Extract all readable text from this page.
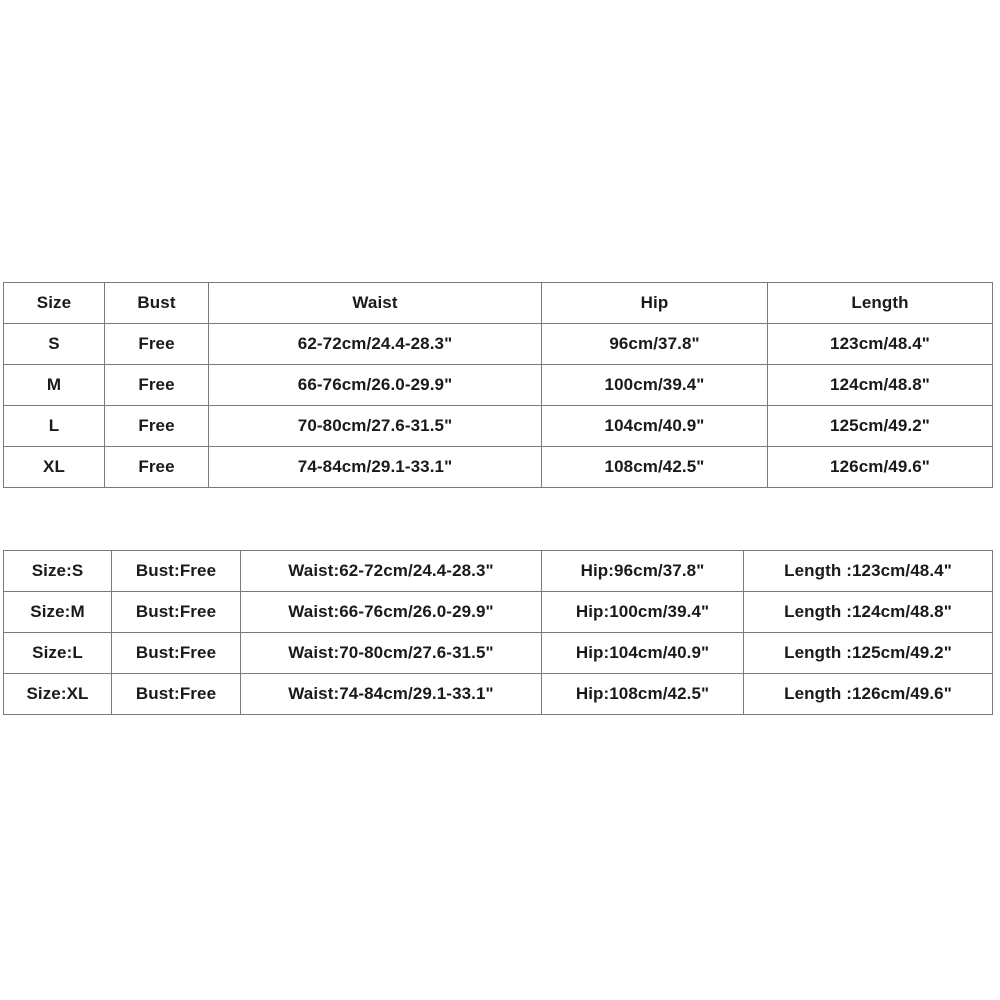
Size	Bust	Waist	Hip	Length
S	Free	62-72cm/24.4-28.3"	96cm/37.8"	123cm/48.4"
M	Free	66-76cm/26.0-29.9"	100cm/39.4"	124cm/48.8"
L	Free	70-80cm/27.6-31.5"	104cm/40.9"	125cm/49.2"
XL	Free	74-84cm/29.1-33.1"	108cm/42.5"	126cm/49.6"
Size:S	Bust:Free	Waist:62-72cm/24.4-28.3"	Hip:96cm/37.8"	Length :123cm/48.4"
Size:M	Bust:Free	Waist:66-76cm/26.0-29.9"	Hip:100cm/39.4"	Length :124cm/48.8"
Size:L	Bust:Free	Waist:70-80cm/27.6-31.5"	Hip:104cm/40.9"	Length :125cm/49.2"
Size:XL	Bust:Free	Waist:74-84cm/29.1-33.1"	Hip:108cm/42.5"	Length :126cm/49.6"
